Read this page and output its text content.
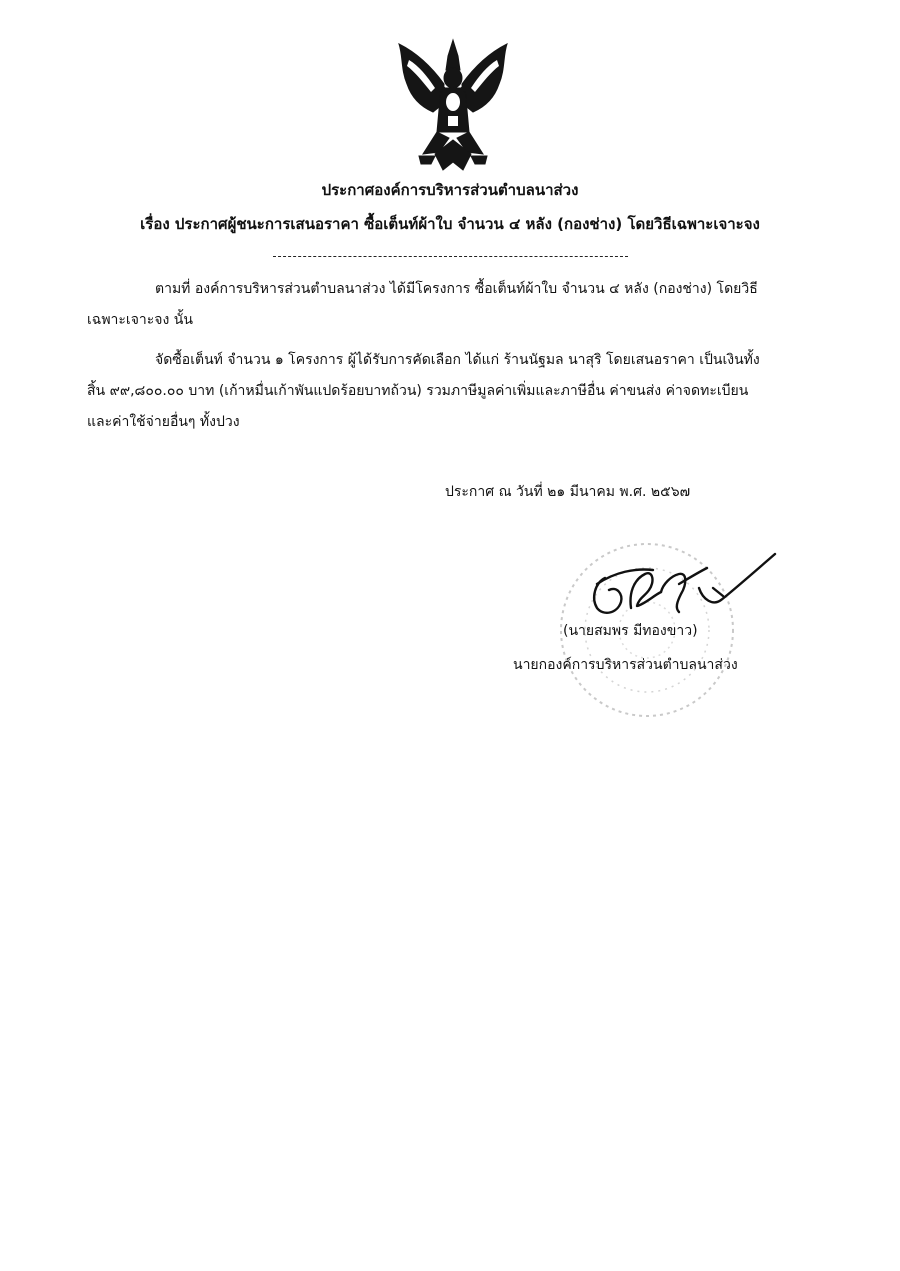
ประกาศองค์การบริหารส่วนตำบลนาส่วง
เรื่อง ประกาศผู้ชนะการเสนอราคา ซื้อเต็นท์ผ้าใบ จำนวน ๔ หลัง (กองช่าง) โดยวิธีเฉพาะเจาะจง
ตามที่ องค์การบริหารส่วนตำบลนาส่วง ได้มีโครงการ ซื้อเต็นท์ผ้าใบ จำนวน ๔ หลัง (กองช่าง) โดยวิธี
เฉพาะเจาะจง นั้น
จัดซื้อเต็นท์ จำนวน ๑ โครงการ ผู้ได้รับการคัดเลือก ได้แก่ ร้านนัฐมล นาสุริ โดยเสนอราคา เป็นเงินทั้ง
สิ้น ๙๙,๘๐๐.๐๐ บาท (เก้าหมื่นเก้าพันแปดร้อยบาทถ้วน) รวมภาษีมูลค่าเพิ่มและภาษีอื่น ค่าขนส่ง ค่าจดทะเบียน
และค่าใช้จ่ายอื่นๆ ทั้งปวง
ประกาศ ณ วันที่ ๒๑ มีนาคม พ.ศ. ๒๕๖๗
(นายสมพร มีทองขาว)
นายกองค์การบริหารส่วนตำบลนาส่วง
